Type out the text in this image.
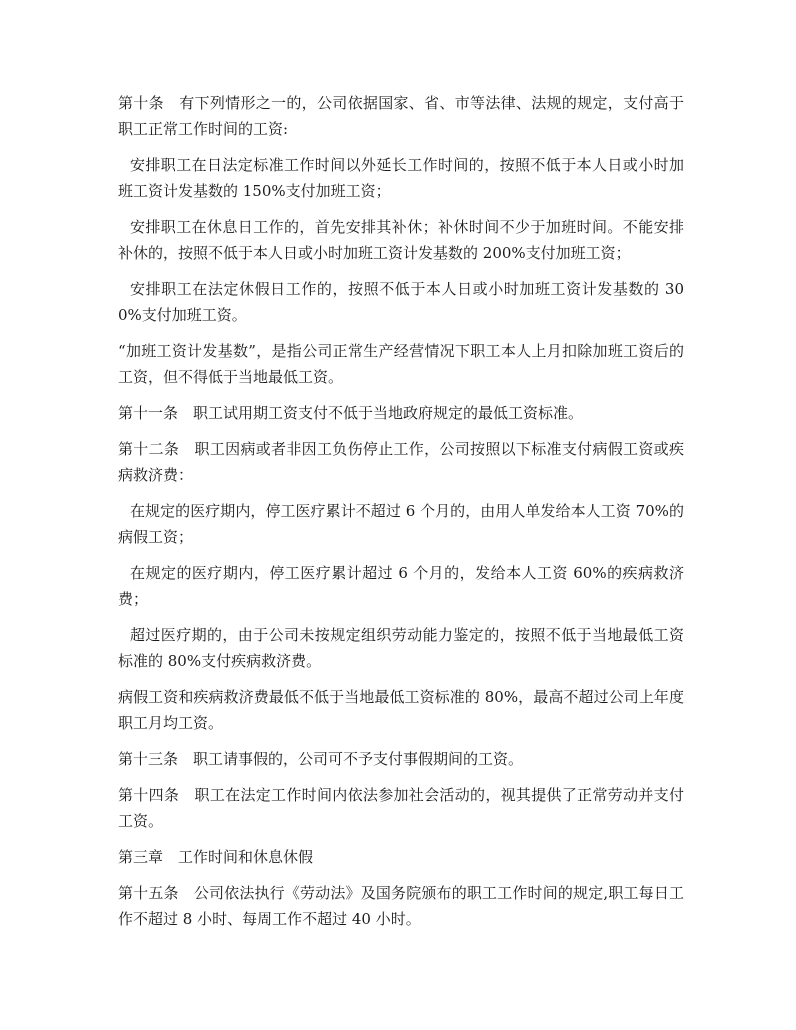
第十条　有下列情形之一的，公司依据国家、省、市等法律、法规的规定，支付高于职工正常工作时间的工资:

安排职工在日法定标准工作时间以外延长工作时间的，按照不低于本人日或小时加班工资计发基数的 150%支付加班工资；

安排职工在休息日工作的，首先安排其补休；补休时间不少于加班时间。不能安排补休的，按照不低于本人日或小时加班工资计发基数的 200%支付加班工资；

安排职工在法定休假日工作的，按照不低于本人日或小时加班工资计发基数的 300%支付加班工资。

“加班工资计发基数”，是指公司正常生产经营情况下职工本人上月扣除加班工资后的工资，但不得低于当地最低工资。

第十一条　职工试用期工资支付不低于当地政府规定的最低工资标准。

第十二条　职工因病或者非因工负伤停止工作，公司按照以下标准支付病假工资或疾病救济费：

在规定的医疗期内，停工医疗累计不超过 6 个月的，由用人单发给本人工资 70%的病假工资；

在规定的医疗期内，停工医疗累计超过 6 个月的，发给本人工资 60%的疾病救济费；

超过医疗期的，由于公司未按规定组织劳动能力鉴定的，按照不低于当地最低工资标准的 80%支付疾病救济费。

病假工资和疾病救济费最低不低于当地最低工资标准的 80%，最高不超过公司上年度职工月均工资。

第十三条　职工请事假的，公司可不予支付事假期间的工资。

第十四条　职工在法定工作时间内依法参加社会活动的，视其提供了正常劳动并支付工资。

第三章　工作时间和休息休假

第十五条　公司依法执行《劳动法》及国务院颁布的职工工作时间的规定,职工每日工作不超过 8 小时、每周工作不超过 40 小时。
